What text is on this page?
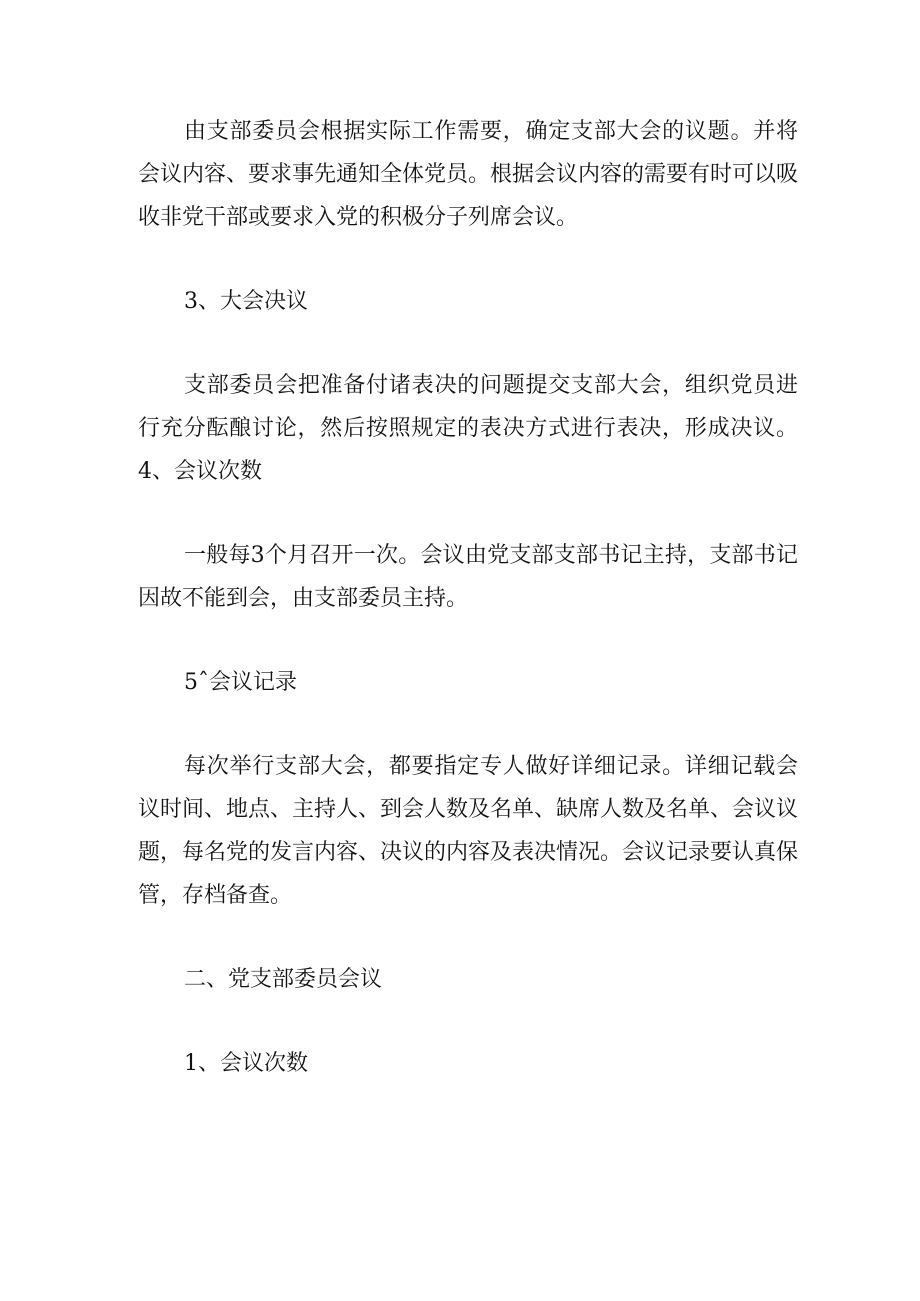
由支部委员会根据实际工作需要，确定支部大会的议题。并将会议内容、要求事先通知全体党员。根据会议内容的需要有时可以吸收非党干部或要求入党的积极分子列席会议。

3、大会决议

支部委员会把准备付诸表决的问题提交支部大会，组织党员进行充分酝酿讨论，然后按照规定的表决方式进行表决，形成决议。4、会议次数

一般每3个月召开一次。会议由党支部支部书记主持，支部书记因故不能到会，由支部委员主持。

5ˆ会议记录

每次举行支部大会，都要指定专人做好详细记录。详细记载会议时间、地点、主持人、到会人数及名单、缺席人数及名单、会议议题，每名党的发言内容、决议的内容及表决情况。会议记录要认真保管，存档备查。

二、党支部委员会议

1、会议次数
